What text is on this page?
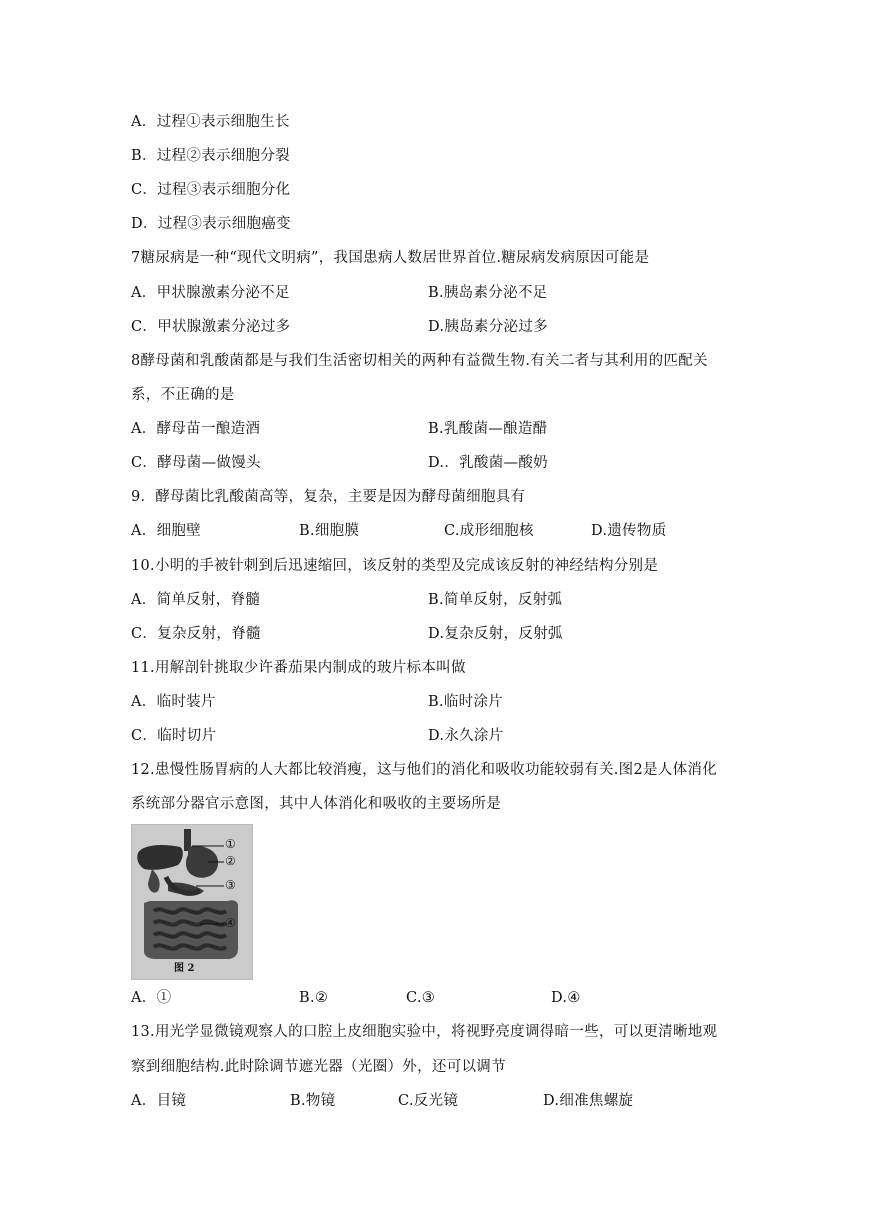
A．过程①表示细胞生长
B．过程②表示细胞分裂
C．过程③表示细胞分化
D．过程③表示细胞癌变
7糖尿病是一种“现代文明病”，我国患病人数居世界首位.糖尿病发病原因可能是
A．甲状腺激素分泌不足	B.胰岛素分泌不足
C．甲状腺激素分泌过多	D.胰岛素分泌过多
8酵母菌和乳酸菌都是与我们生活密切相关的两种有益微生物.有关二者与其利用的匹配关
系，不正确的是
A．酵母苗一酿造酒	B.乳酸菌—酿造醋
C．酵母菌—做馒头	D.．乳酸菌—酸奶
9．酵母菌比乳酸菌高等，复杂，主要是因为酵母菌细胞具有
A．细胞壁	B.细胞膜	C.成形细胞核	D.遗传物质
10.小明的手被针刺到后迅速缩回，该反射的类型及完成该反射的神经结构分别是
A．简单反射，脊髓	B.简单反射，反射弧
C．复杂反射，脊髓	D.复杂反射，反射弧
11.用解剖针挑取少许番茄果内制成的玻片标本叫做
A．临时装片	B.临时涂片
C．临时切片	D.永久涂片
12.患慢性肠胃病的人大都比较消瘦，这与他们的消化和吸收功能较弱有关.图2是人体消化
系统部分器官示意图，其中人体消化和吸收的主要场所是
①
②
③
④
图 2
A．①	B.②	C.③	D.④
13.用光学显微镜观察人的口腔上皮细胞实验中，将视野亮度调得暗一些，可以更清晰地观
察到细胞结构.此时除调节遮光器（光圈）外，还可以调节
A．目镜	B.物镜	C.反光镜	D.细准焦螺旋
